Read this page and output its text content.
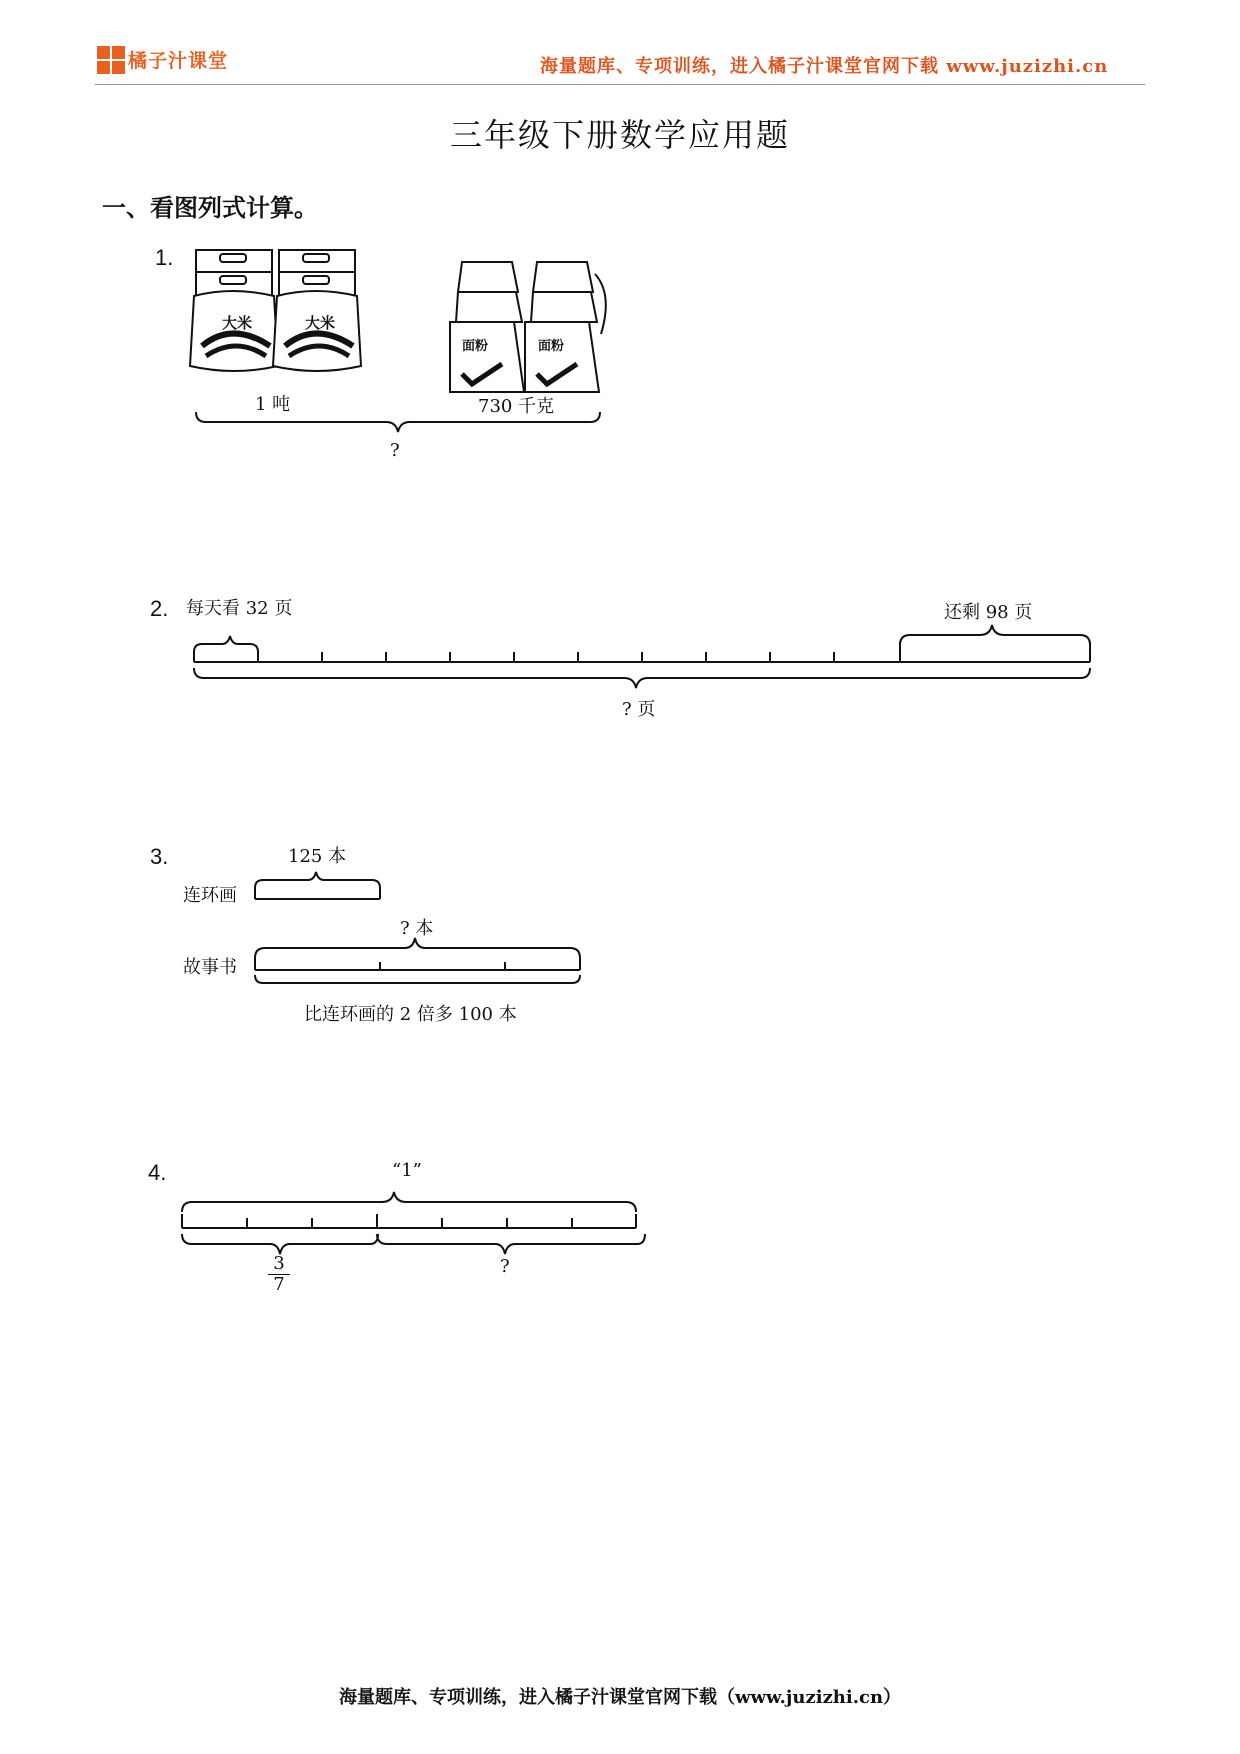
橘子汁课堂	海量题库、专项训练，进入橘子汁课堂官网下载 www.juzizhi.cn
三年级下册数学应用题
一、看图列式计算。
1.
大米	大米
面粉	面粉
1 吨	730 千克
?
2. 每天看 32 页	还剩 98 页
? 页
3.	125 本
连环画
? 本
故事书
比连环画的 2 倍多 100 本
4.	“1”
3
7
?
海量题库、专项训练，进入橘子汁课堂官网下载（www.juzizhi.cn）
